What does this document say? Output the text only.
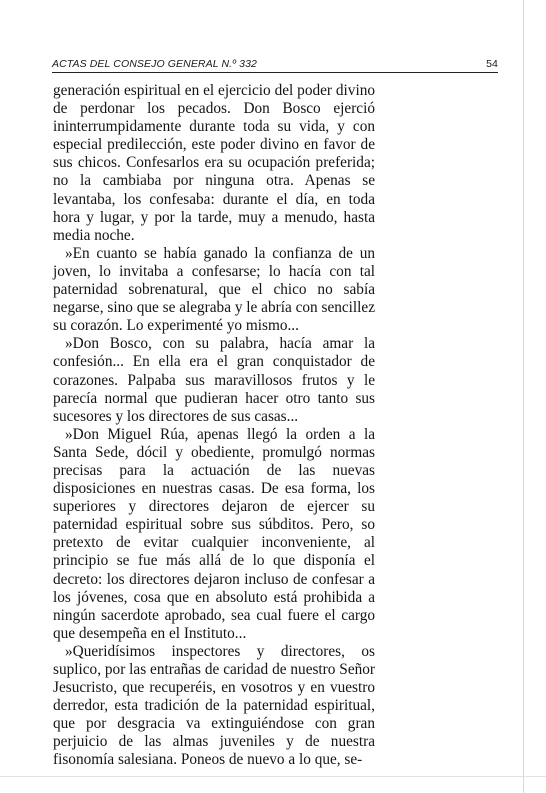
ACTAS DEL CONSEJO GENERAL N.º 332	54

generación espiritual en el ejercicio del poder divino de perdonar los pecados. Don Bosco ejerció ininterrumpidamente durante toda su vida, y con especial predilección, este poder divino en favor de sus chicos. Confesarlos era su ocupación preferida; no la cambiaba por ninguna otra. Apenas se levantaba, los confesaba: durante el día, en toda hora y lugar, y por la tarde, muy a menudo, hasta media noche.

»En cuanto se había ganado la confianza de un joven, lo invitaba a confesarse; lo hacía con tal paternidad sobrenatural, que el chico no sabía negarse, sino que se alegraba y le abría con sencillez su corazón. Lo experimenté yo mismo...

»Don Bosco, con su palabra, hacía amar la confesión... En ella era el gran conquistador de corazones. Palpaba sus maravillosos frutos y le parecía normal que pudieran hacer otro tanto sus sucesores y los directores de sus casas...

»Don Miguel Rúa, apenas llegó la orden a la Santa Sede, dócil y obediente, promulgó normas precisas para la actuación de las nuevas disposiciones en nuestras casas. De esa forma, los superiores y directores dejaron de ejercer su paternidad espiritual sobre sus súbditos. Pero, so pretexto de evitar cualquier inconveniente, al principio se fue más allá de lo que disponía el decreto: los directores dejaron incluso de confesar a los jóvenes, cosa que en absoluto está prohibida a ningún sacerdote aprobado, sea cual fuere el cargo que desempeña en el Instituto...

»Queridísimos inspectores y directores, os suplico, por las entrañas de caridad de nuestro Señor Jesucristo, que recuperéis, en vosotros y en vuestro derredor, esta tradición de la paternidad espiritual, que por desgracia va extinguiéndose con gran perjuicio de las almas juveniles y de nuestra fisonomía salesiana. Poneos de nuevo a lo que, se-
